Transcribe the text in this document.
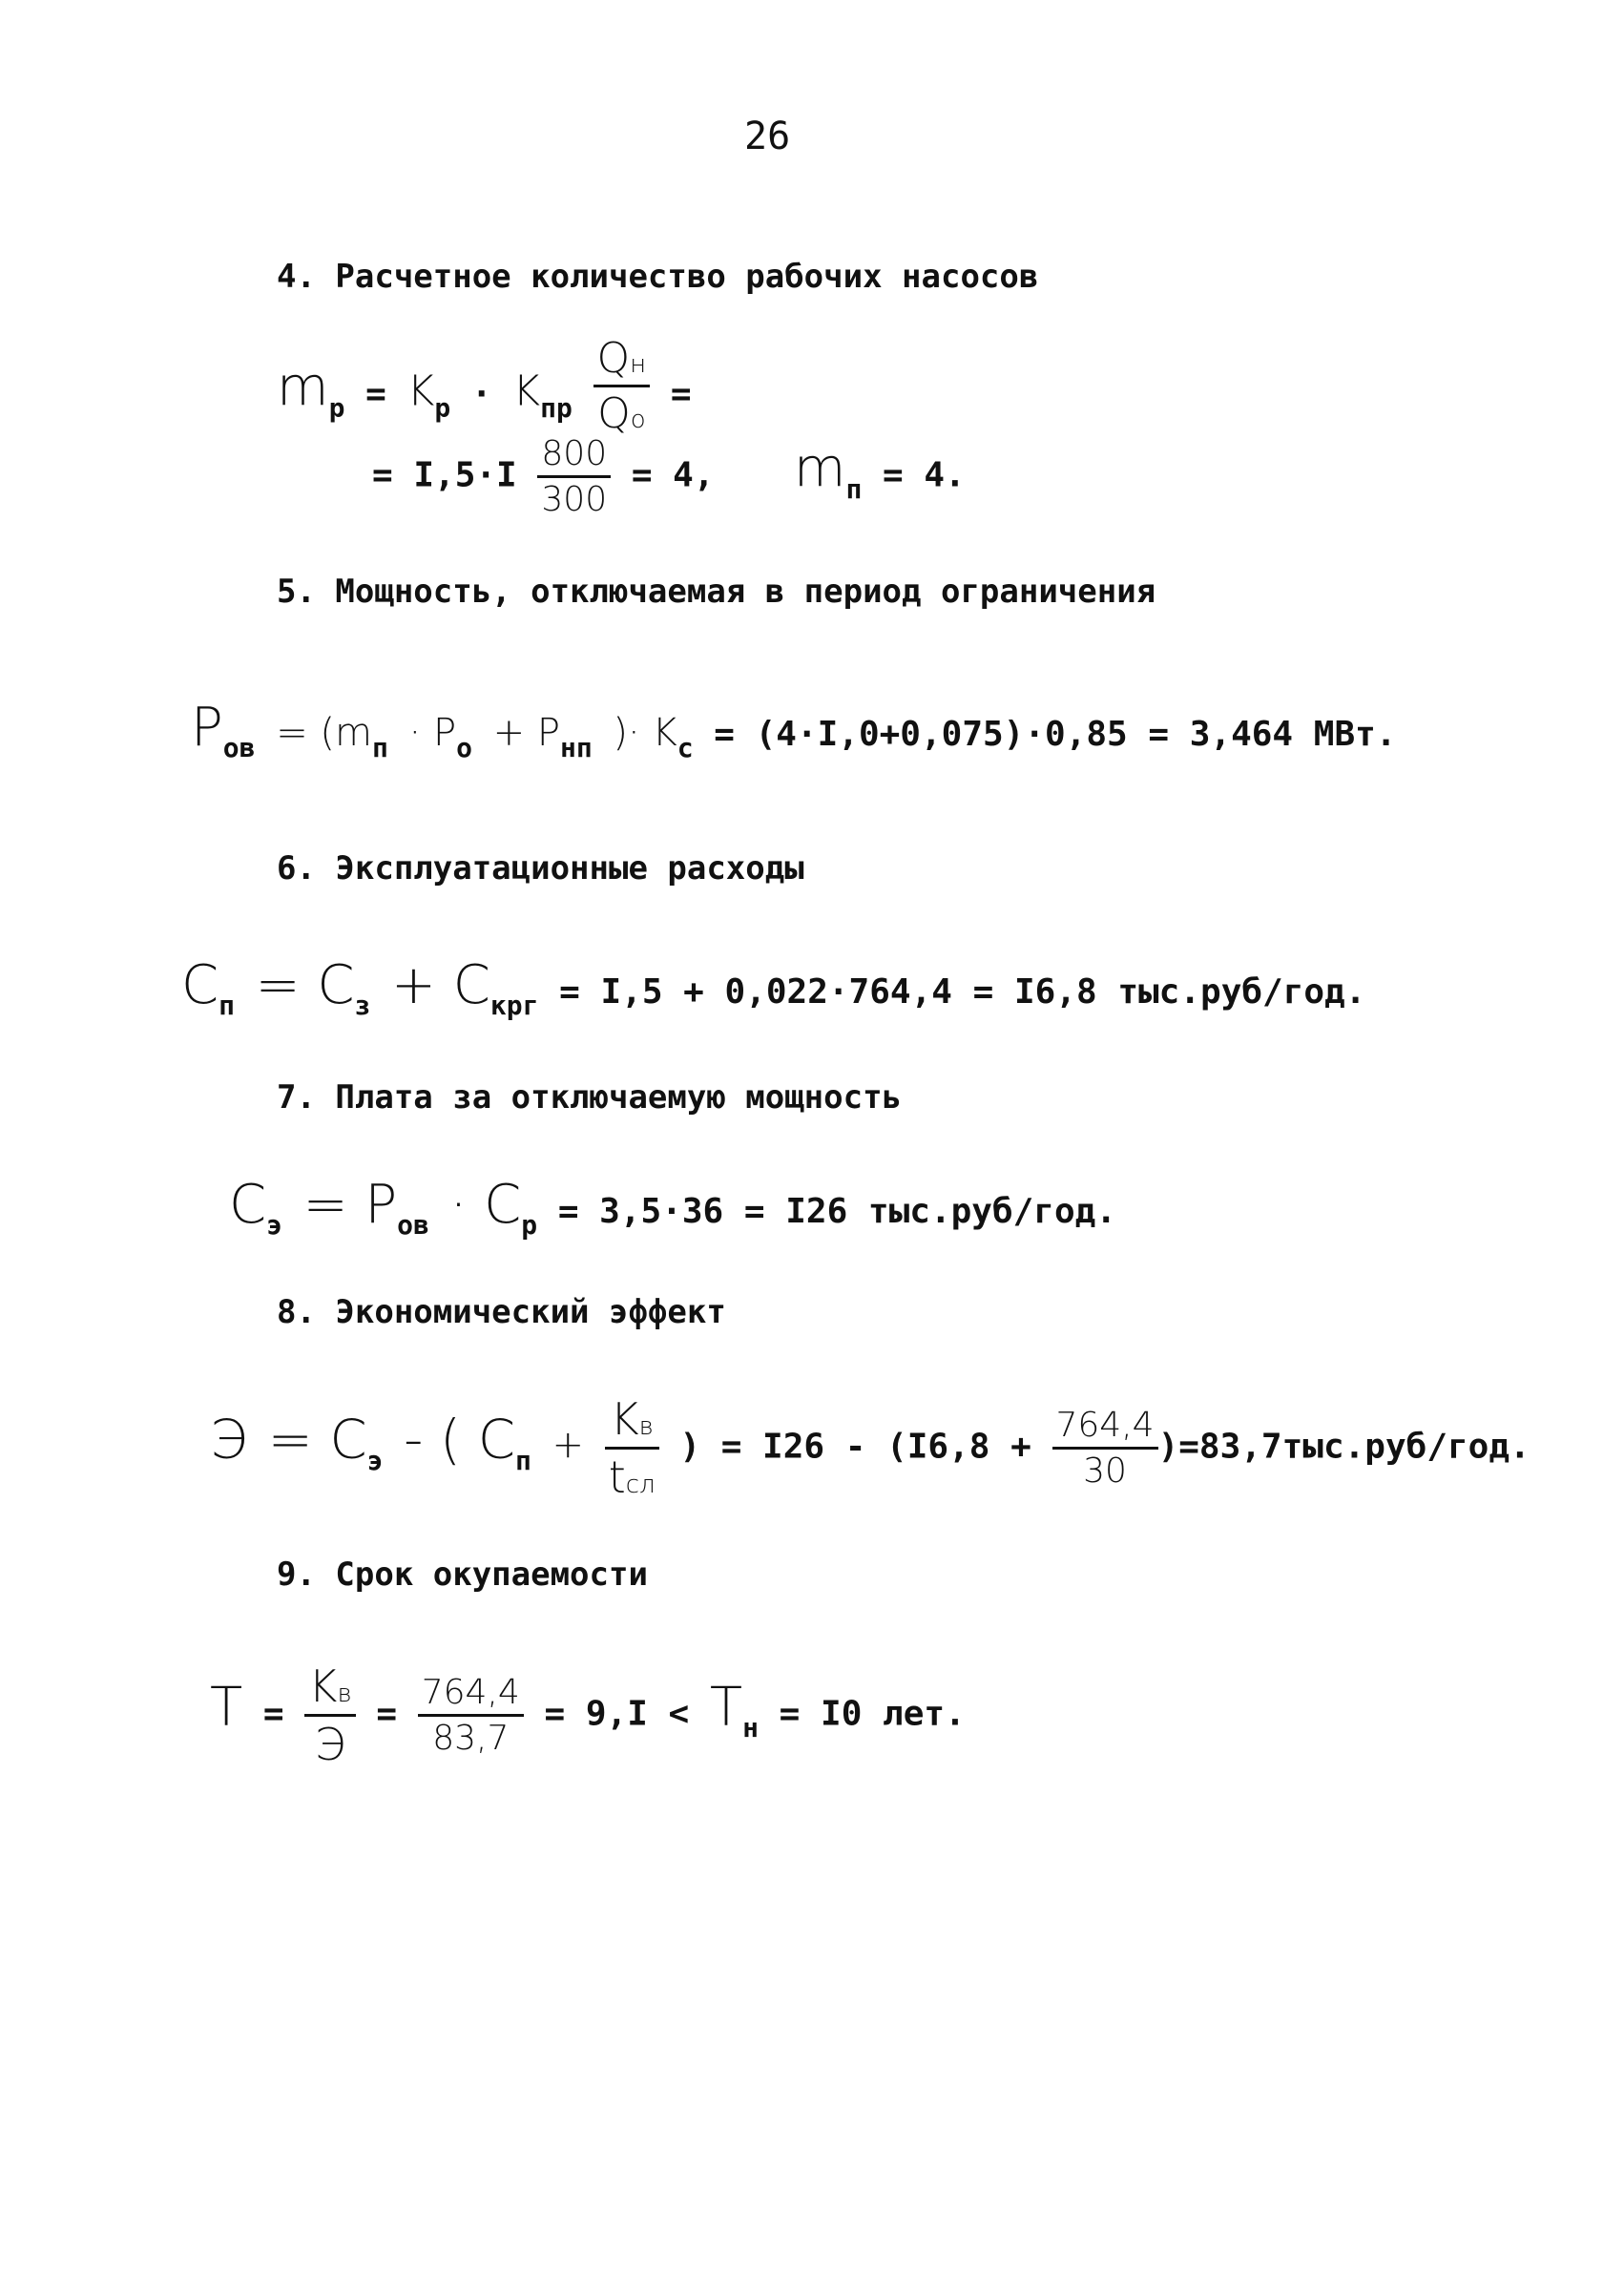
26
4. Расчетное количество рабочих насосов
$m_p = K_p \cdot K_{пр} \frac{Qн}{Qo}$ =
= $I,5\cdot I \frac{800}{300} = 4$, $m_п = 4$.
5. Мощность, отключаемая в период ограничения
$P_{ов} = (m_п \cdot P_о + P_{нп}$ )· $K_с = (4\cdot I,0+0,075)\cdot 0,85 = 3,464$ МВт.
6. Эксплуатационные расходы
$C_п = C_з + C_{крг} = I,5 + 0,022\cdot 764,4 = I6,8$ тыс.руб/год.
7. Плата за отключаемую мощность
$C_э = P_{ов} \cdot C_р = 3,5\cdot 36 = I26$ тыс.руб/год.
8. Экономический эффект
$Э = C_э$ - ( $C_п + \frac{Kв}{\text{tсл}}$ ) = $I26 - (I6,8 + \frac{764,4}{30} )=83,7тыс.руб/год$.
9. Срок окупаемости
$T = \frac{Kв}{Э} = \frac{764,4}{83,7} = 9,I < T_н = I0$ лет.
